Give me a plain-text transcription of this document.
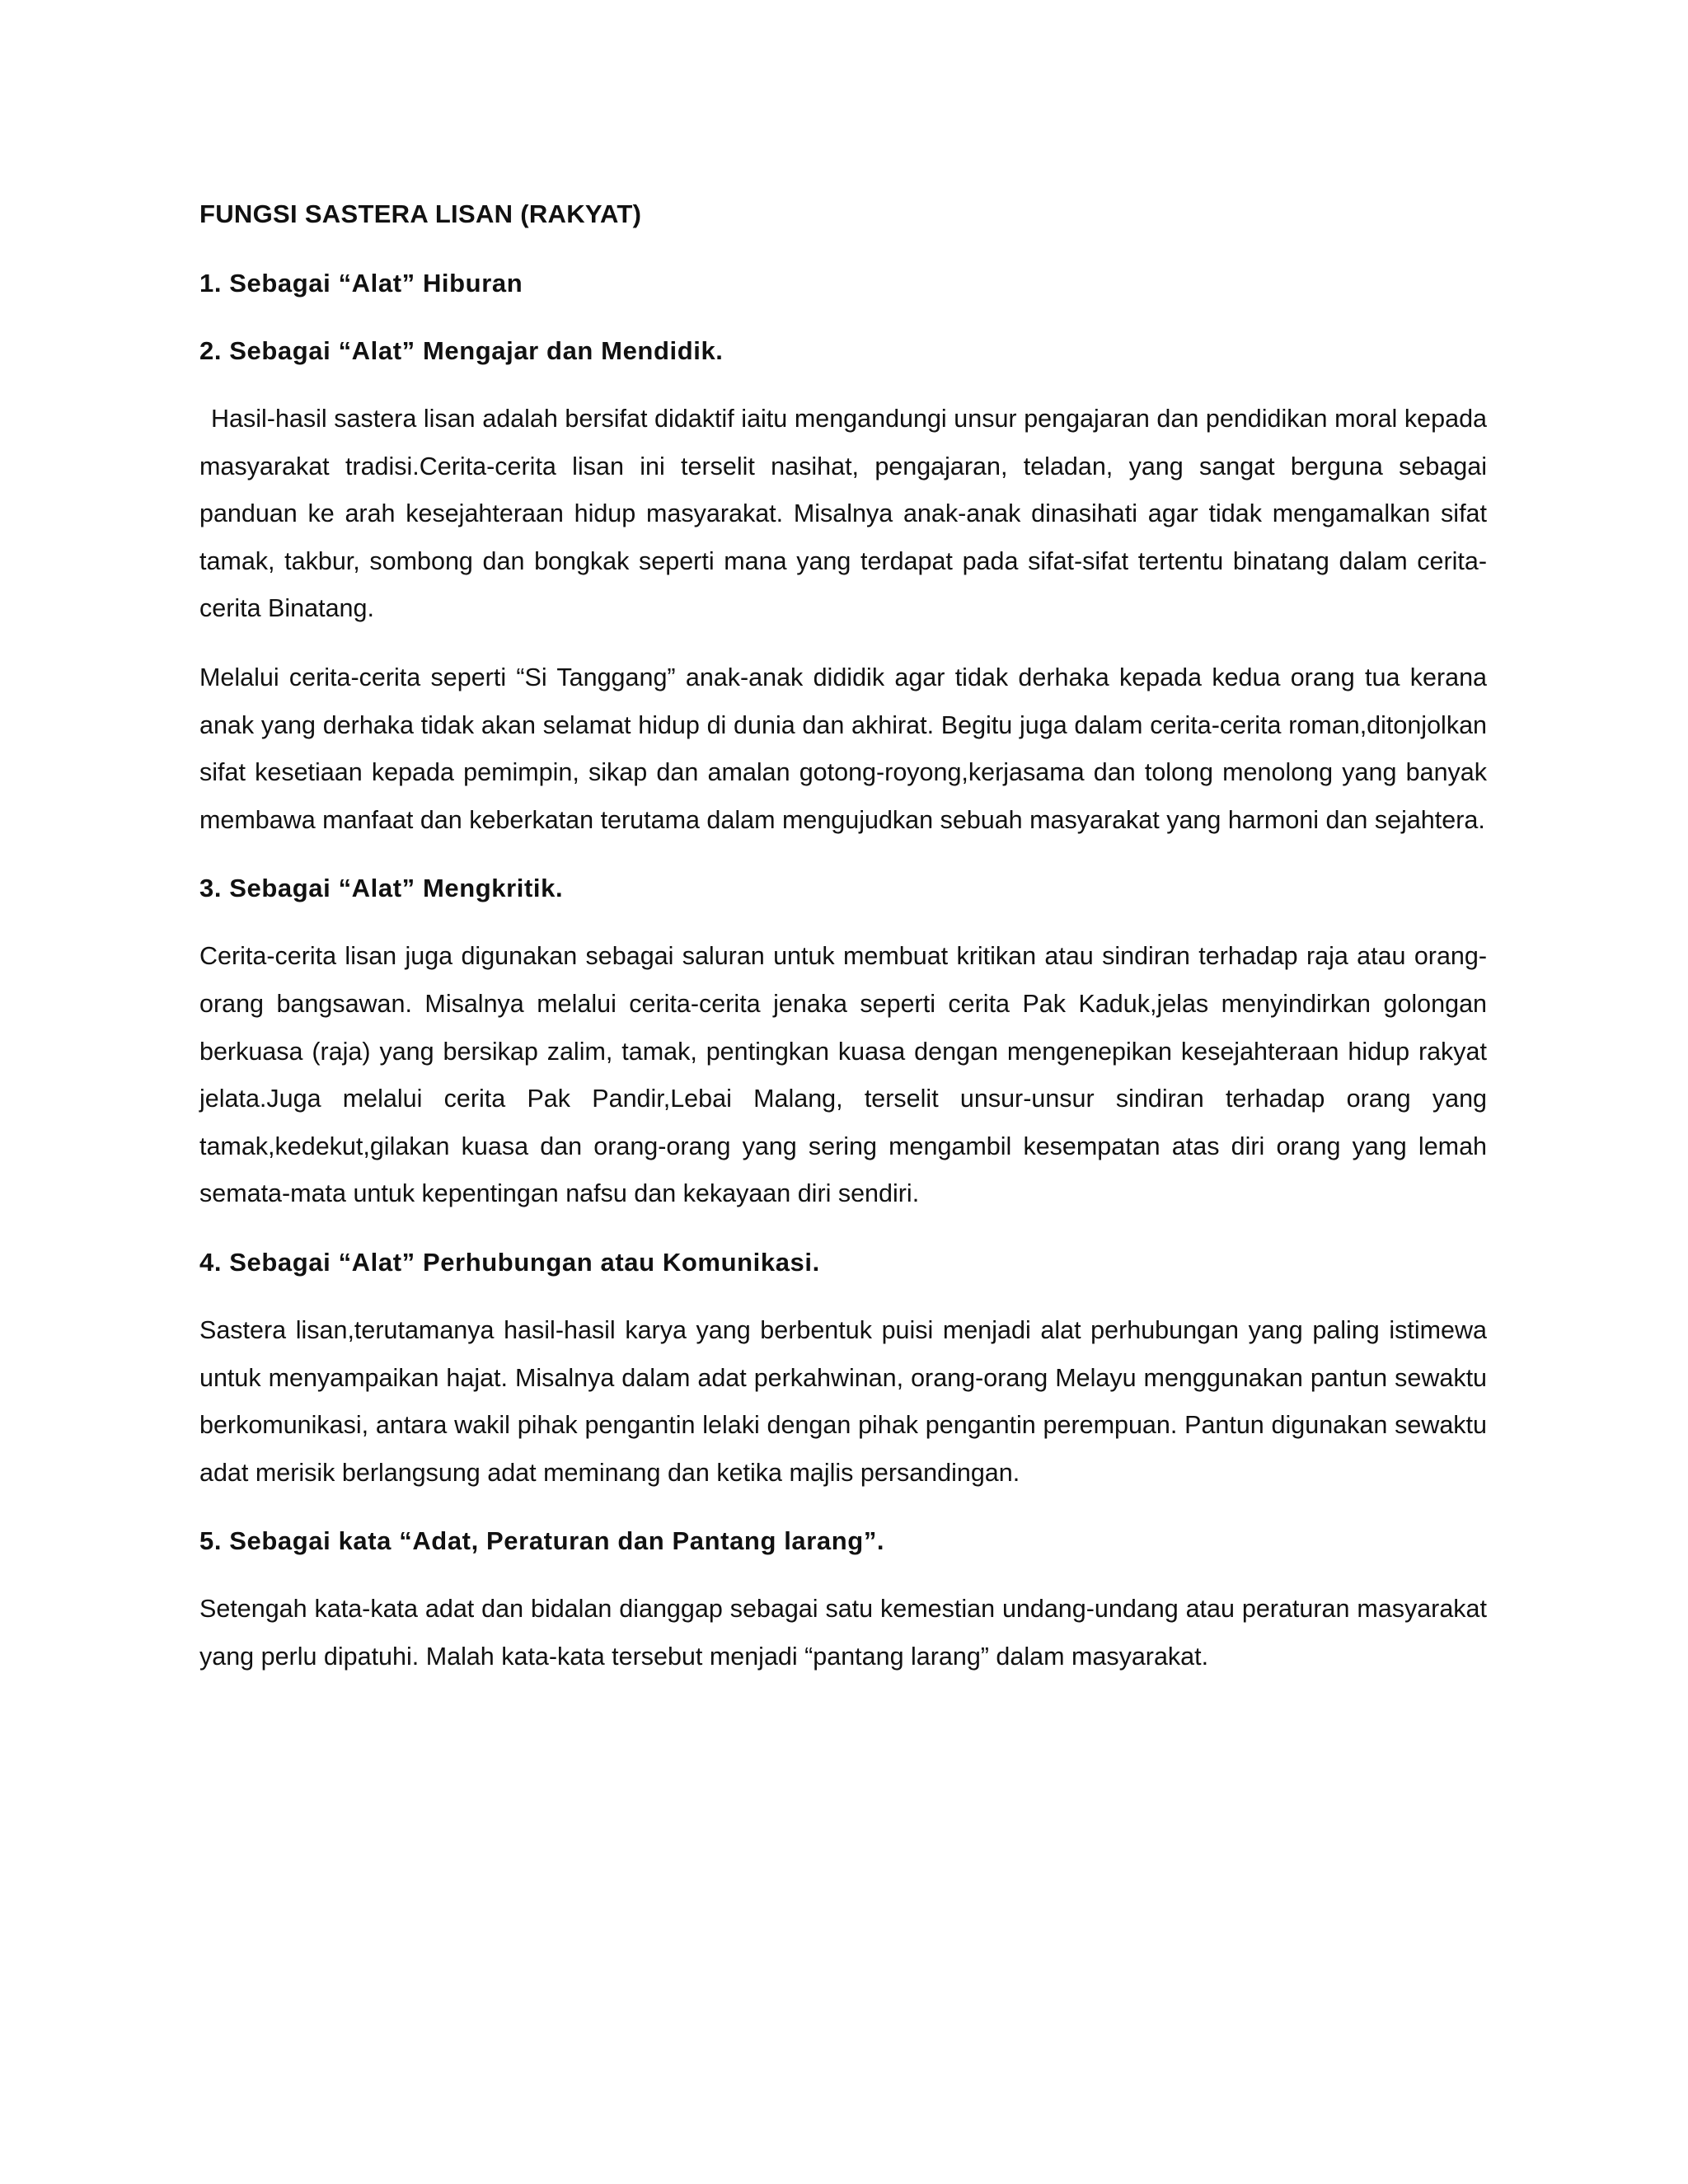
FUNGSI SASTERA LISAN (RAKYAT)
1. Sebagai “Alat” Hiburan
2. Sebagai “Alat” Mengajar dan Mendidik.

Hasil-hasil sastera lisan adalah bersifat didaktif iaitu mengandungi unsur pengajaran dan pendidikan moral kepada masyarakat tradisi.Cerita-cerita lisan ini terselit nasihat, pengajaran, teladan, yang sangat berguna sebagai panduan ke arah kesejahteraan hidup masyarakat. Misalnya anak-anak dinasihati agar tidak mengamalkan sifat tamak, takbur, sombong dan bongkak seperti mana yang terdapat pada sifat-sifat tertentu binatang dalam cerita-cerita Binatang.

Melalui cerita-cerita seperti “Si Tanggang” anak-anak dididik agar tidak derhaka kepada kedua orang tua kerana anak yang derhaka tidak akan selamat hidup di dunia dan akhirat. Begitu juga dalam cerita-cerita roman,ditonjolkan sifat kesetiaan kepada pemimpin, sikap dan amalan gotong-royong,kerjasama dan tolong menolong yang banyak membawa manfaat dan keberkatan terutama dalam mengujudkan sebuah masyarakat yang harmoni dan sejahtera.

3. Sebagai “Alat” Mengkritik.

Cerita-cerita lisan juga digunakan sebagai saluran untuk membuat kritikan atau sindiran terhadap raja atau orang-orang bangsawan. Misalnya melalui cerita-cerita jenaka seperti cerita Pak Kaduk,jelas menyindirkan golongan berkuasa (raja) yang bersikap zalim, tamak, pentingkan kuasa dengan mengenepikan kesejahteraan hidup rakyat jelata.Juga melalui cerita Pak Pandir,Lebai Malang, terselit unsur-unsur sindiran terhadap orang yang tamak,kedekut,gilakan kuasa dan orang-orang yang sering mengambil kesempatan atas diri orang yang lemah semata-mata untuk kepentingan nafsu dan kekayaan diri sendiri.

4. Sebagai “Alat” Perhubungan atau Komunikasi.

Sastera lisan,terutamanya hasil-hasil karya yang berbentuk puisi menjadi alat perhubungan yang paling istimewa untuk menyampaikan hajat. Misalnya dalam adat perkahwinan, orang-orang Melayu menggunakan pantun sewaktu berkomunikasi, antara wakil pihak pengantin lelaki dengan pihak pengantin perempuan. Pantun digunakan sewaktu adat merisik berlangsung adat meminang dan ketika majlis persandingan.

5. Sebagai kata “Adat, Peraturan dan Pantang larang”.

Setengah kata-kata adat dan bidalan dianggap sebagai satu kemestian undang-undang atau peraturan masyarakat yang perlu dipatuhi. Malah kata-kata tersebut menjadi “pantang larang” dalam masyarakat.
